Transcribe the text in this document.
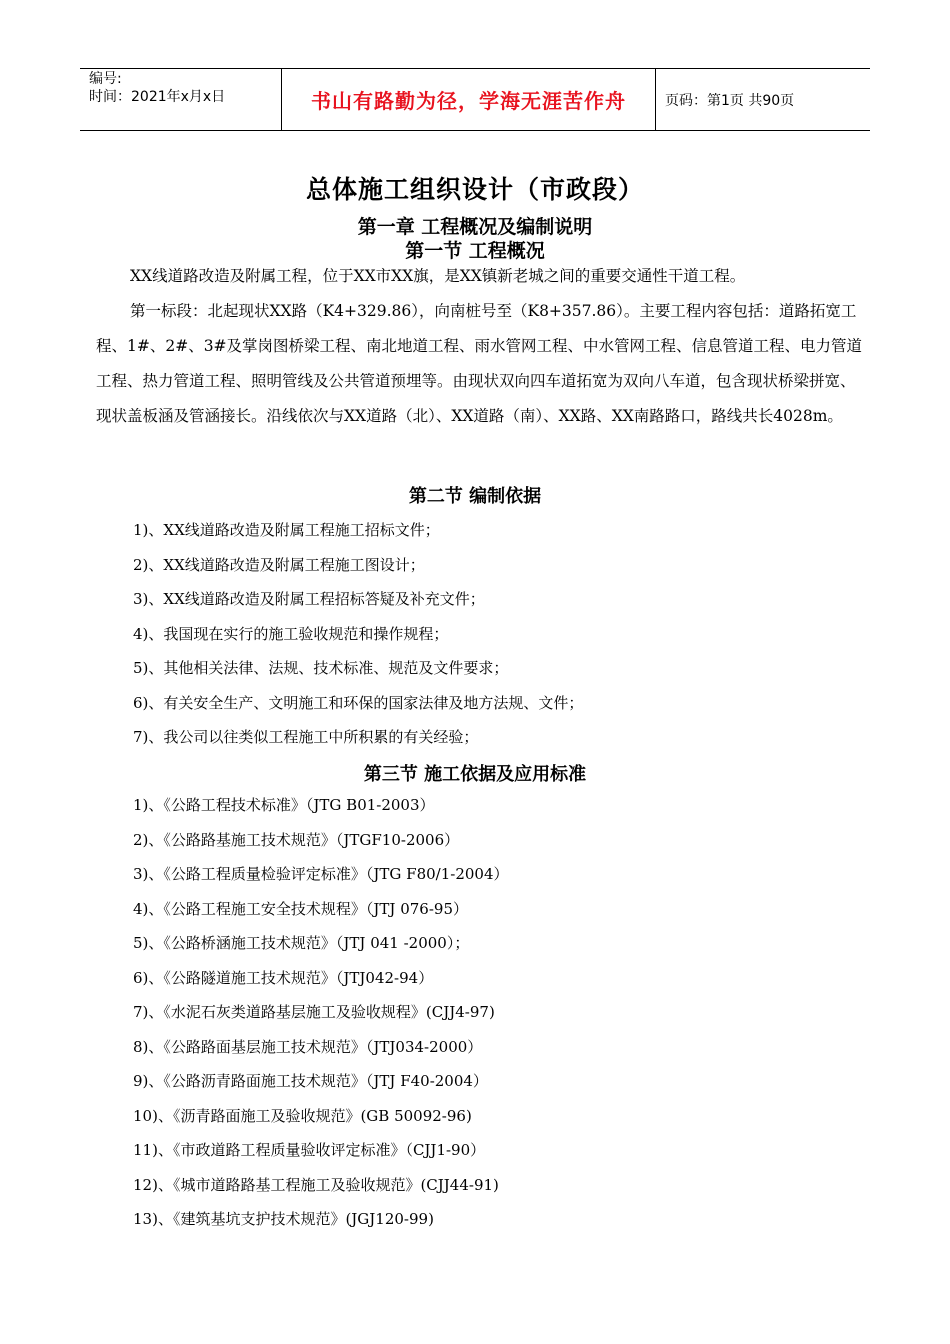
编号:
时间：2021年x月x日	书山有路勤为径，学海无涯苦作舟	页码：第1页 共90页
总体施工组织设计（市政段）
第一章 工程概况及编制说明
第一节 工程概况
XX线道路改造及附属工程，位于XX市XX旗，是XX镇新老城之间的重要交通性干道工程。
第一标段：北起现状XX路（K4+329.86），向南桩号至（K8+357.86）。主要工程内容包括：道路拓宽工程、1#、2#、3#及掌岗图桥梁工程、南北地道工程、雨水管网工程、中水管网工程、信息管道工程、电力管道工程、热力管道工程、照明管线及公共管道预埋等。由现状双向四车道拓宽为双向八车道，包含现状桥梁拼宽、现状盖板涵及管涵接长。沿线依次与XX道路（北）、XX道路（南）、XX路、XX南路路口，路线共长4028m。
第二节 编制依据
1)、XX线道路改造及附属工程施工招标文件；
2)、XX线道路改造及附属工程施工图设计；
3)、XX线道路改造及附属工程招标答疑及补充文件；
4)、我国现在实行的施工验收规范和操作规程；
5)、其他相关法律、法规、技术标准、规范及文件要求；
6)、有关安全生产、文明施工和环保的国家法律及地方法规、文件；
7)、我公司以往类似工程施工中所积累的有关经验；
第三节 施工依据及应用标准
1)、《公路工程技术标准》（JTG B01-2003）
2)、《公路路基施工技术规范》（JTGF10-2006）
3)、《公路工程质量检验评定标准》（JTG F80/1-2004）
4)、《公路工程施工安全技术规程》（JTJ 076-95）
5)、《公路桥涵施工技术规范》（JTJ 041 -2000）；
6)、《公路隧道施工技术规范》（JTJ042-94）
7)、《水泥石灰类道路基层施工及验收规程》(CJJ4-97)
8)、《公路路面基层施工技术规范》（JTJ034-2000）
9)、《公路沥青路面施工技术规范》（JTJ F40-2004）
10)、《沥青路面施工及验收规范》(GB 50092-96)
11)、《市政道路工程质量验收评定标准》（CJJ1-90）
12)、《城市道路路基工程施工及验收规范》(CJJ44-91)
13)、《建筑基坑支护技术规范》(JGJ120-99)
